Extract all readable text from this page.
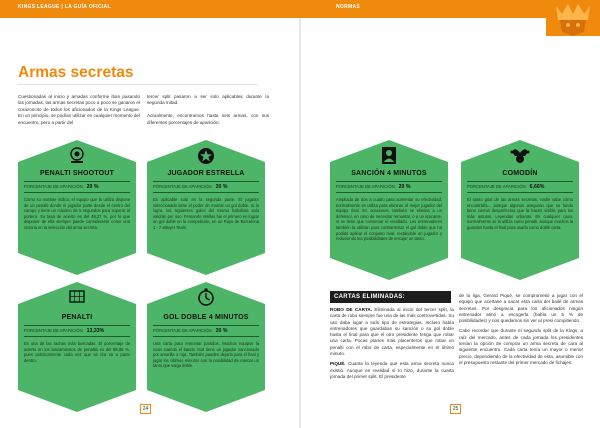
KINGS LEAGUE | LA GUÍA OFICIAL	NORMAS
Armas secretas
Cuestionadas al inicio y amadas conforme iban pasando las jornadas, las armas secretas poco a poco se ganaron el corazoncito de todos los aficionados de la Kings League. En un principio, se podían utilizar en cualquier momento del encuentro, pero a partir del
tercer split pasaron a ser solo aplicables durante la segunda mitad.

Actualmente, encontramos hasta seis armas, con sus diferentes porcentajes de aparición:
PENALTI SHOOTOUT
PORCENTAJE DE APARICIÓN: 20 %
Como su nombre indica, el equipo que la utiliza dispone de un penalti donde el jugador parte desde el centro del campo y tiene un máximo de 5 segundos para superar al portero. Su tasa de acierto es del 48,27 %, por lo que disponer de ella siempre puede considerarse como una victoria en la selección del arma secreta.
JUGADOR ESTRELLA
PORCENTAJE DE APARICIÓN: 20 %
Es aplicable solo en la segunda parte. El jugador seleccionado tiene el poder de marcar un gol doble. Si lo logra, los siguientes goles del mismo futbolista solo valdrán por uno. Fernando Velillas fue el primero en lograr un gol doble en la competición, en un Rayo de Barcelona 1 - 7 xBuyer Team.
PENALTI
PORCENTAJE DE APARICIÓN: 13,33%
Es una de las rachas más buscadas. El porcentaje de acierto en los lanzamientos de penaltis es del 89,85 %, pues prácticamente cada vez que se tira va a parar dentro.
GOL DOBLE 4 MINUTOS
PORCENTAJE DE APARICIÓN: 20 %
Una carta para remontar partidos. Muchos equipos la usan cuando el bando rival tiene un jugador sancionado por amarilla o roja. También pueden dejarla para el final y jugar los últimos minutos con la posibilidad de marcar un tanto que valga doble.
24
SANCIÓN 4 MINUTOS
PORCENTAJE DE APARICIÓN: 20 %
Ampliada de dos a cuatro para aumentar su efectividad, normalmente se utiliza para eliminar al mejor jugador del equipo rival. En ocasiones, también se elimina a un defensor, en caso de necesitar remontar, o a un atacante, si se tiene que conservar el resultado. Los entrenadores también la utilizan para contrarrestar el gol doble que ha podido aplicar el conjunto rival, restándole un jugador y reduciendo las posibilidades de encajar un tanto.
COMODÍN
PORCENTAJE DE APARICIÓN: 6,66%
El santo grial de las armas secretas, nadie sabe cómo encontrarla... aunque algunos aseguran que su fundo tiene ciertos desperfectos que la hacen visible para los más astutos. Leyendas urbanas. En cualquier caso, normalmente se la utiliza como penalti, aunque muchos la guardan hasta el final para usarla como doble carta.
CARTAS ELIMINADAS:

ROBO DE CARTA. Eliminada al inicio del tercer split, la carta de robo siempre fue una de las más controvertidas. Su uso daba lugar a todo tipo de estrategias. Incluso había entrenadores que guardaban su sanción o su gol doble hasta el final para que el otro presidente tenga que robar una carta. Pocas planes más placenteros que robar un penalti con el robo de carta, especialmente en el último minuto.

PIQUÉ. Cuanta la leyenda que esta arma secreta nunca existió. Aunque en realidad sí lo hizo, durante la cuarta jornada del primer split. El presidente

de la liga, Gerard Piqué, se comprometió a jugar con el equipo que acertase a sacar esta carta del bailé de armas secretas. Por desgracia para los aficionados ningún entrenador atinó a escogerla (había un 5 % de posibilidades) y nos quedamos sin ver al presi compitiendo.

Cabe recordar que durante el segundo split de la Kings, a raíz del mercado, antes de cada jornada los presidentes tenían la opción de comprar un arma secreta de cara al siguiente encuentro. Cada carta tenía un mayor o menor precio, dependiendo de la efectividad de esta, asumible con el presupuesto restante del primer mercado de fichajes.

25
